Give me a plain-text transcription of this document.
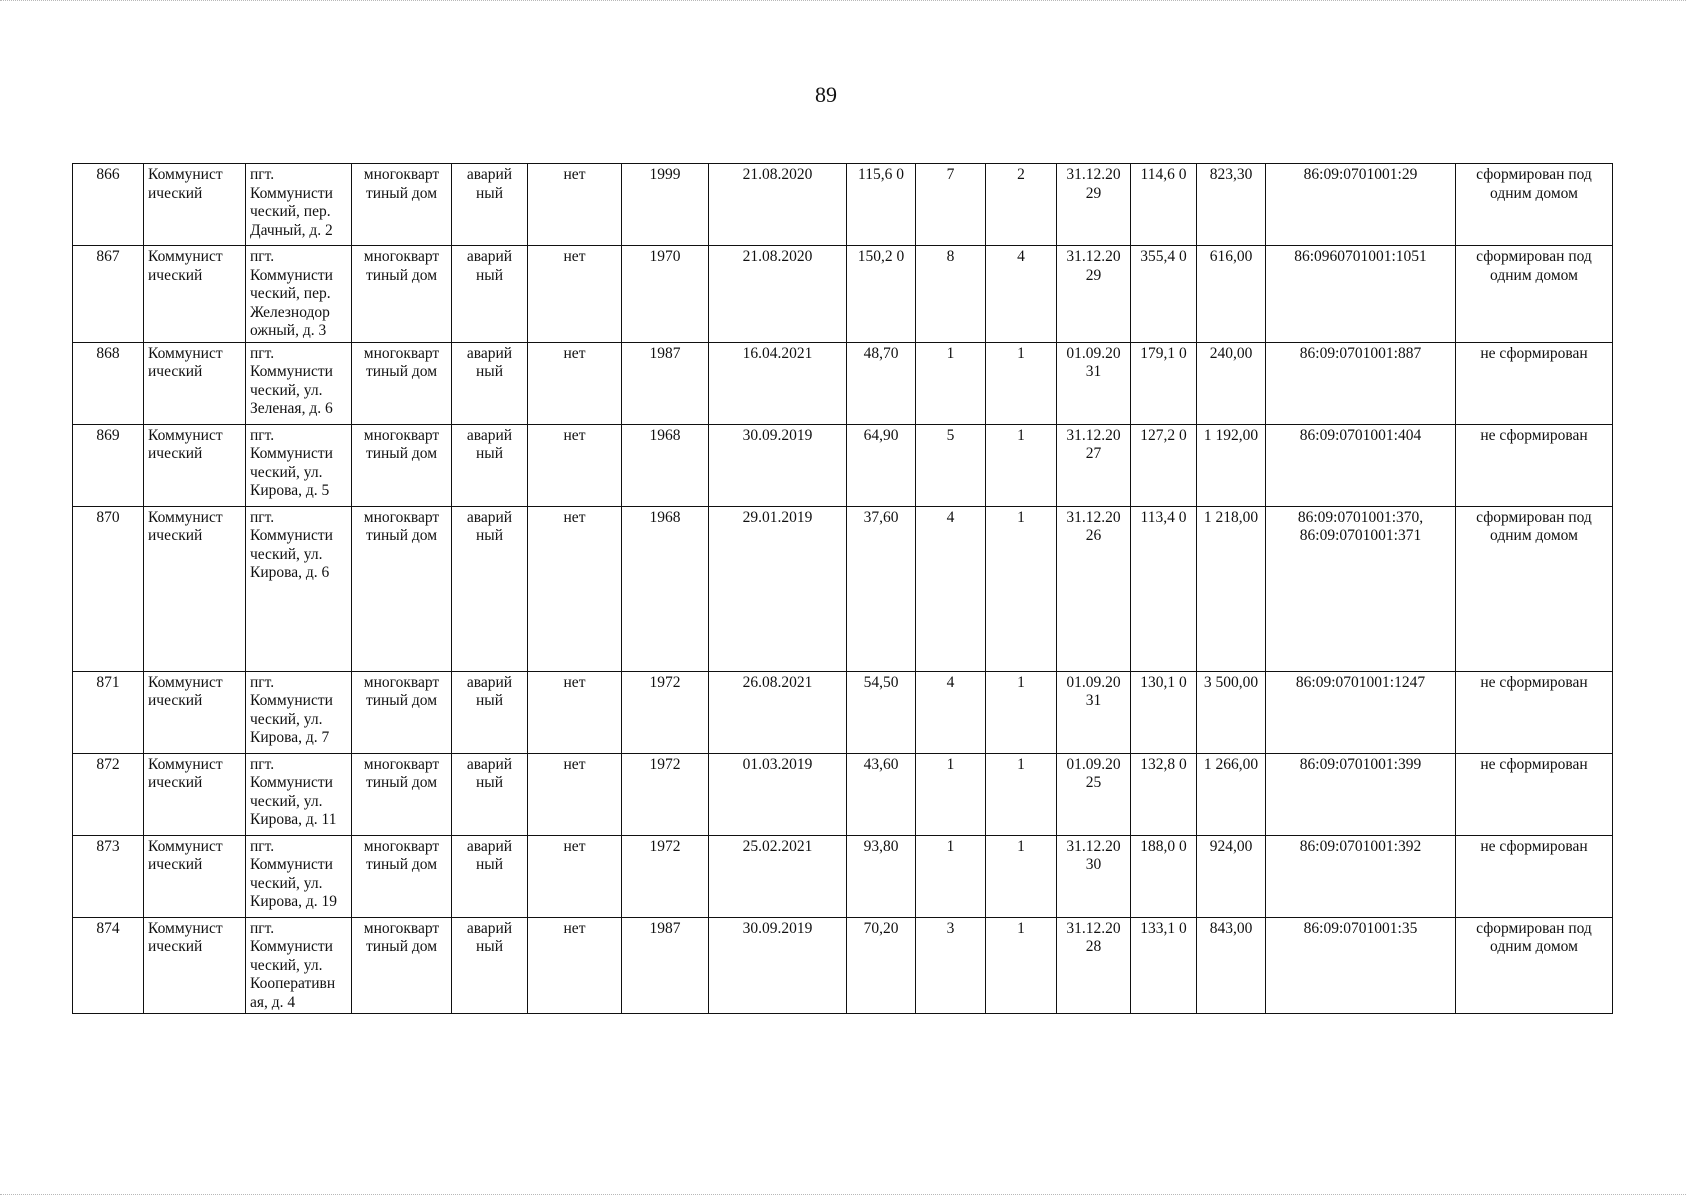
89
866	Коммунист ический	пгт. Коммунисти ческий, пер. Дачный, д. 2	многокварт тиный дом	аварий ный	нет	1999	21.08.2020	115,6 0	7	2	31.12.20 29	114,6 0	823,30	86:09:0701001:29	сформирован под одним домом
867	Коммунист ический	пгт. Коммунисти ческий, пер. Железнодор ожный, д. 3	многокварт тиный дом	аварий ный	нет	1970	21.08.2020	150,2 0	8	4	31.12.20 29	355,4 0	616,00	86:0960701001:1051	сформирован под одним домом
868	Коммунист ический	пгт. Коммунисти ческий, ул. Зеленая, д. 6	многокварт тиный дом	аварий ный	нет	1987	16.04.2021	48,70	1	1	01.09.20 31	179,1 0	240,00	86:09:0701001:887	не сформирован
869	Коммунист ический	пгт. Коммунисти ческий, ул. Кирова, д. 5	многокварт тиный дом	аварий ный	нет	1968	30.09.2019	64,90	5	1	31.12.20 27	127,2 0	1 192,00	86:09:0701001:404	не сформирован
870	Коммунист ический	пгт. Коммунисти ческий, ул. Кирова, д. 6	многокварт тиный дом	аварий ный	нет	1968	29.01.2019	37,60	4	1	31.12.20 26	113,4 0	1 218,00	86:09:0701001:370, 86:09:0701001:371	сформирован под одним домом
871	Коммунист ический	пгт. Коммунисти ческий, ул. Кирова, д. 7	многокварт тиный дом	аварий ный	нет	1972	26.08.2021	54,50	4	1	01.09.20 31	130,1 0	3 500,00	86:09:0701001:1247	не сформирован
872	Коммунист ический	пгт. Коммунисти ческий, ул. Кирова, д. 11	многокварт тиный дом	аварий ный	нет	1972	01.03.2019	43,60	1	1	01.09.20 25	132,8 0	1 266,00	86:09:0701001:399	не сформирован
873	Коммунист ический	пгт. Коммунисти ческий, ул. Кирова, д. 19	многокварт тиный дом	аварий ный	нет	1972	25.02.2021	93,80	1	1	31.12.20 30	188,0 0	924,00	86:09:0701001:392	не сформирован
874	Коммунист ический	пгт. Коммунисти ческий, ул. Кооперативн ая, д. 4	многокварт тиный дом	аварий ный	нет	1987	30.09.2019	70,20	3	1	31.12.20 28	133,1 0	843,00	86:09:0701001:35	сформирован под одним домом
